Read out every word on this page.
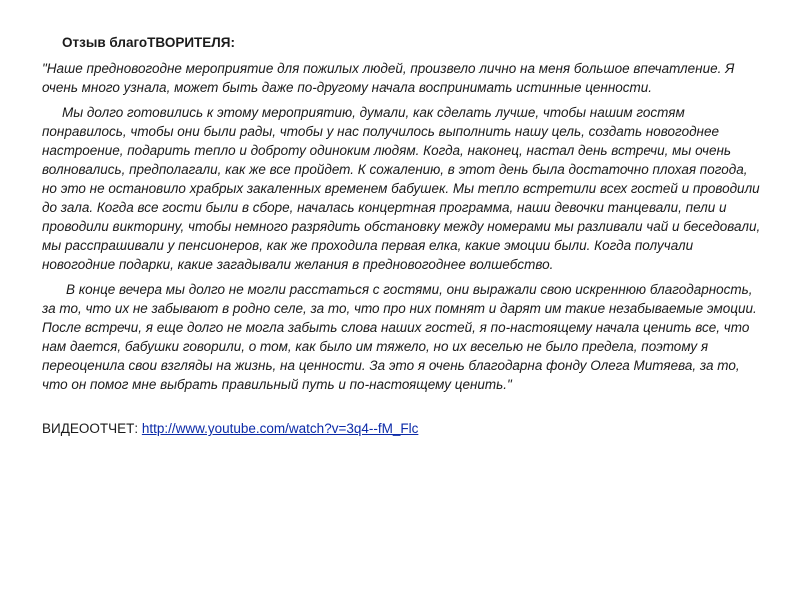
Отзыв благоТВОРИТЕЛЯ:

"Наше предновогодне мероприятие для пожилых людей, произвело лично на меня большое впечатление. Я очень много узнала, может быть даже по-другому начала воспринимать истинные ценности.

Мы долго готовились к этому мероприятию, думали, как сделать лучше, чтобы нашим гостям понравилось, чтобы они были рады, чтобы у нас получилось выполнить нашу цель, создать новогоднее настроение, подарить тепло и доброту одиноким людям. Когда, наконец, настал день встречи, мы очень волновались, предполагали, как же все пройдет. К сожалению, в этот день была достаточно плохая погода, но это не остановило храбрых закаленных временем бабушек. Мы тепло встретили всех гостей и проводили до зала. Когда все гости были в сборе, началась концертная программа, наши девочки танцевали, пели и проводили викторину, чтобы немного разрядить обстановку между номерами мы разливали чай и беседовали, мы расспрашивали у пенсионеров, как же проходила первая елка, какие эмоции были. Когда получали новогодние подарки, какие загадывали желания в предновогоднее волшебство.

В конце вечера мы долго не могли расстаться с гостями, они выражали свою искреннюю благодарность, за то, что их не забывают в родно селе, за то, что про них помнят и дарят им такие незабываемые эмоции.

После встречи, я еще долго не могла забыть слова наших гостей, я по-настоящему начала ценить все, что нам дается, бабушки говорили, о том, как было им тяжело, но их веселью не было предела, поэтому я переоценила свои взгляды на жизнь, на ценности. За это я очень благодарна фонду Олега Митяева, за то, что он помог мне выбрать правильный путь и по-настоящему ценить."

ВИДЕООТЧЕТ: http://www.youtube.com/watch?v=3q4--fM_Flc
